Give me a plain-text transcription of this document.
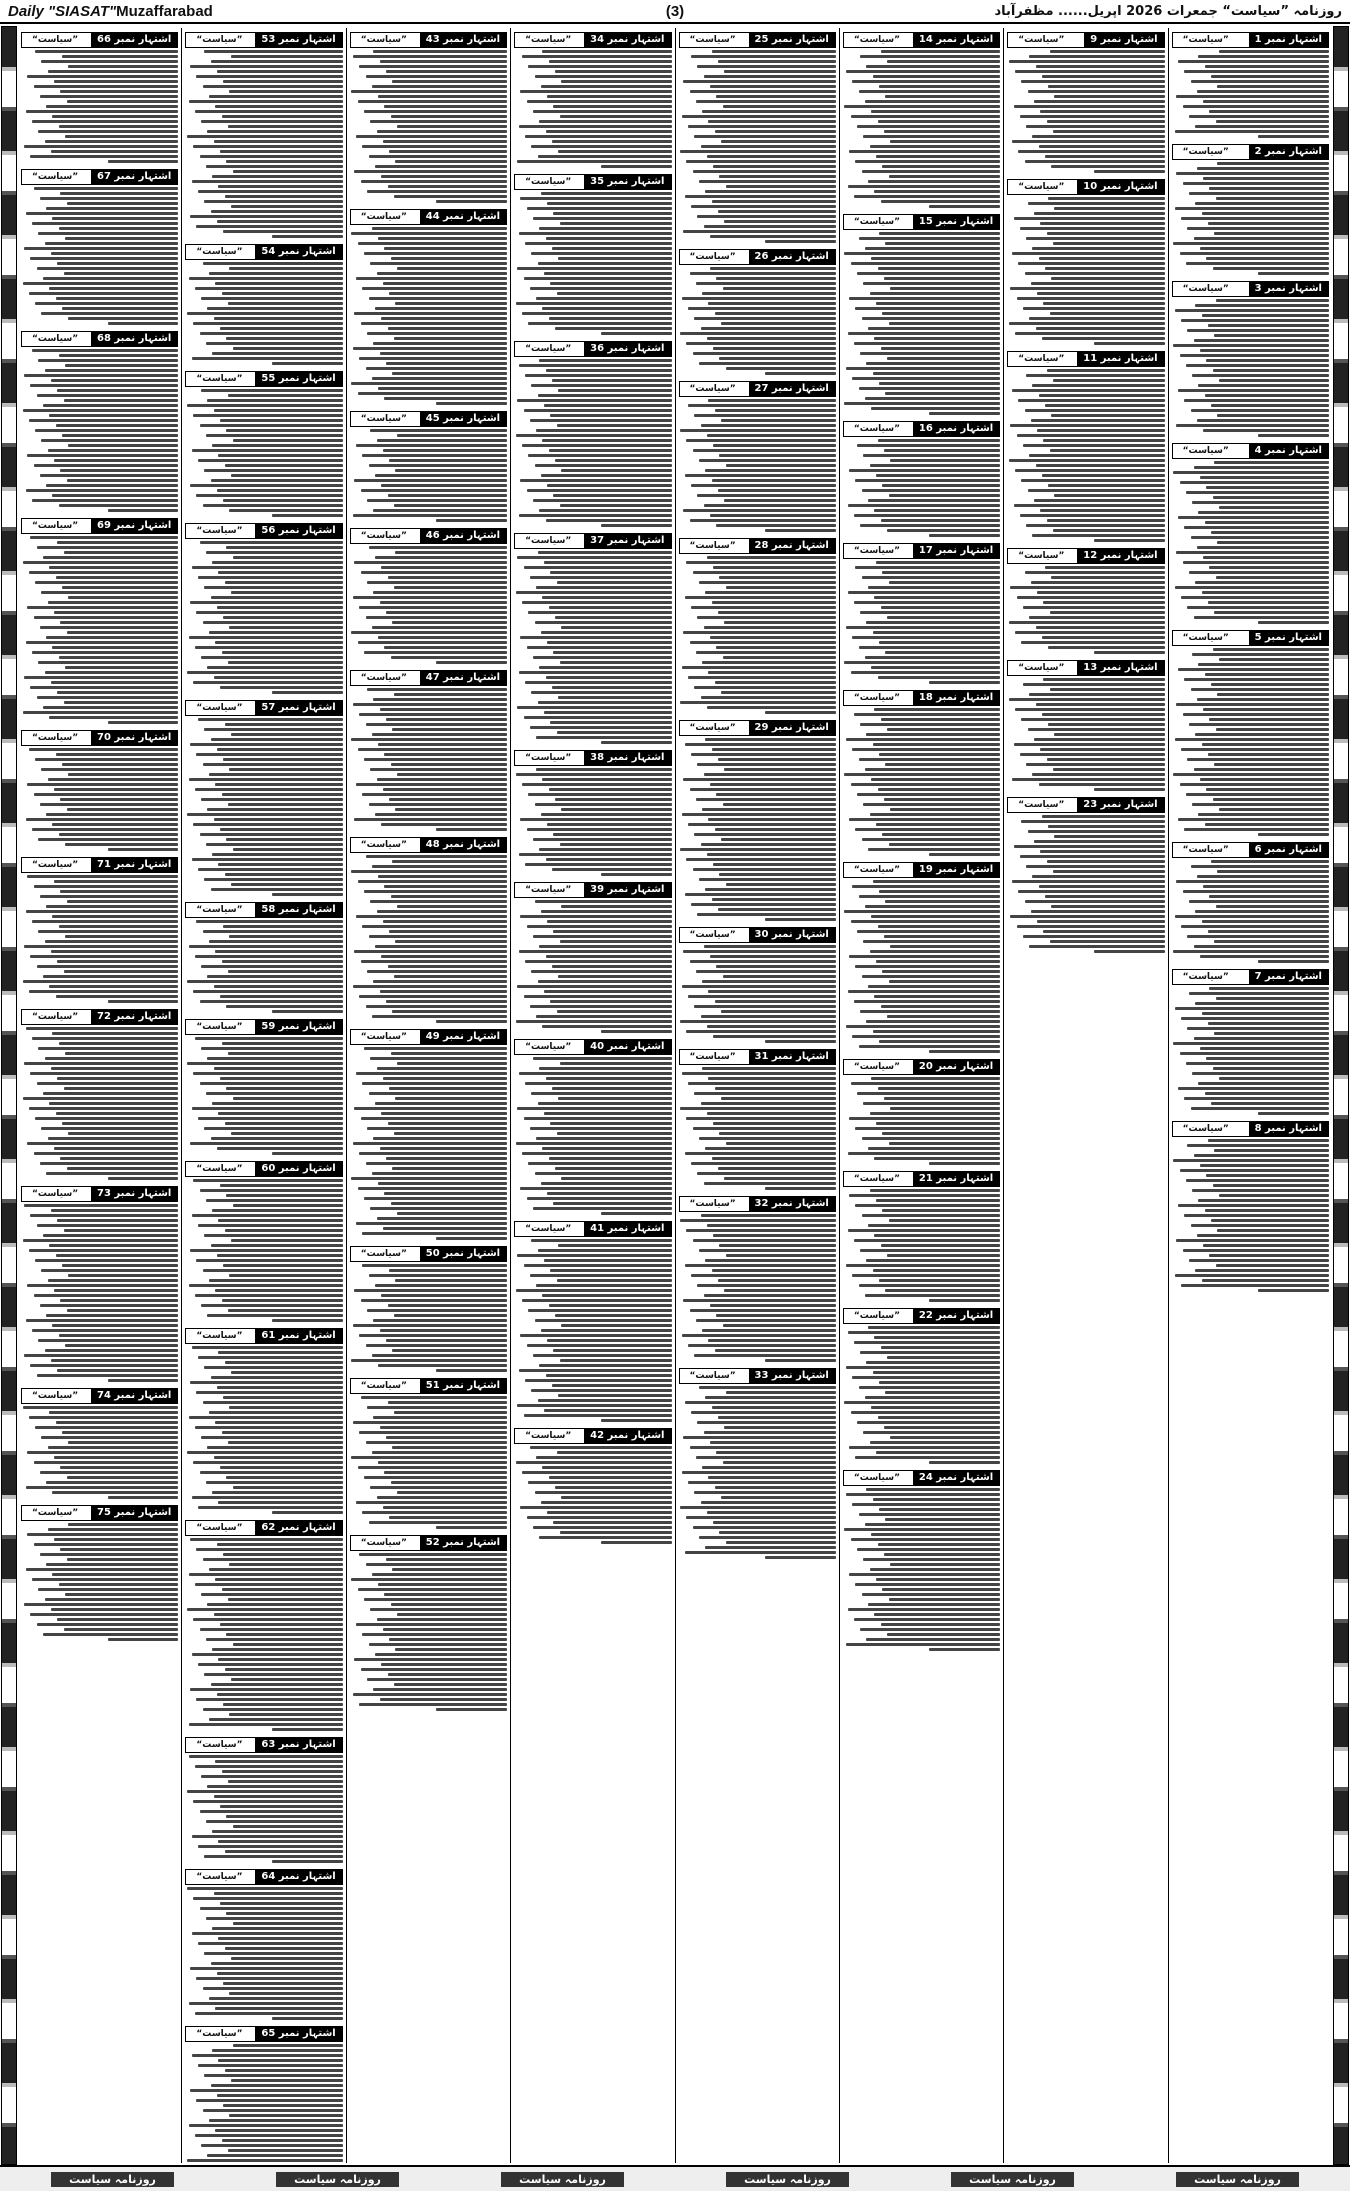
Daily "SIASAT"Muzaffarabad	(3)	روزنامہ ”سیاست“ جمعرات 2026 اپریل...... مظفرآباد
اشتہار نمبر 1
”سیاست“
اشتہار نمبر 2
”سیاست“
اشتہار نمبر 3
”سیاست“
اشتہار نمبر 4
”سیاست“
اشتہار نمبر 5
”سیاست“
اشتہار نمبر 6
”سیاست“
اشتہار نمبر 7
”سیاست“
اشتہار نمبر 8
”سیاست“
اشتہار نمبر 9
”سیاست“
اشتہار نمبر 10
”سیاست“
اشتہار نمبر 11
”سیاست“
اشتہار نمبر 12
”سیاست“
اشتہار نمبر 13
”سیاست“
اشتہار نمبر 23
”سیاست“
اشتہار نمبر 14
”سیاست“
اشتہار نمبر 15
”سیاست“
اشتہار نمبر 16
”سیاست“
اشتہار نمبر 17
”سیاست“
اشتہار نمبر 18
”سیاست“
اشتہار نمبر 19
”سیاست“
اشتہار نمبر 20
”سیاست“
اشتہار نمبر 21
”سیاست“
اشتہار نمبر 22
”سیاست“
اشتہار نمبر 24
”سیاست“
اشتہار نمبر 25
”سیاست“
اشتہار نمبر 26
”سیاست“
اشتہار نمبر 27
”سیاست“
اشتہار نمبر 28
”سیاست“
اشتہار نمبر 29
”سیاست“
اشتہار نمبر 30
”سیاست“
اشتہار نمبر 31
”سیاست“
اشتہار نمبر 32
”سیاست“
اشتہار نمبر 33
”سیاست“
اشتہار نمبر 34
”سیاست“
اشتہار نمبر 35
”سیاست“
اشتہار نمبر 36
”سیاست“
اشتہار نمبر 37
”سیاست“
اشتہار نمبر 38
”سیاست“
اشتہار نمبر 39
”سیاست“
اشتہار نمبر 40
”سیاست“
اشتہار نمبر 41
”سیاست“
اشتہار نمبر 42
”سیاست“
اشتہار نمبر 43
”سیاست“
اشتہار نمبر 44
”سیاست“
اشتہار نمبر 45
”سیاست“
اشتہار نمبر 46
”سیاست“
اشتہار نمبر 47
”سیاست“
اشتہار نمبر 48
”سیاست“
اشتہار نمبر 49
”سیاست“
اشتہار نمبر 50
”سیاست“
اشتہار نمبر 51
”سیاست“
اشتہار نمبر 52
”سیاست“
اشتہار نمبر 53
”سیاست“
اشتہار نمبر 54
”سیاست“
اشتہار نمبر 55
”سیاست“
اشتہار نمبر 56
”سیاست“
اشتہار نمبر 57
”سیاست“
اشتہار نمبر 58
”سیاست“
اشتہار نمبر 59
”سیاست“
اشتہار نمبر 60
”سیاست“
اشتہار نمبر 61
”سیاست“
اشتہار نمبر 62
”سیاست“
اشتہار نمبر 63
”سیاست“
اشتہار نمبر 64
”سیاست“
اشتہار نمبر 65
”سیاست“
اشتہار نمبر 66
”سیاست“
اشتہار نمبر 67
”سیاست“
اشتہار نمبر 68
”سیاست“
اشتہار نمبر 69
”سیاست“
اشتہار نمبر 70
”سیاست“
اشتہار نمبر 71
”سیاست“
اشتہار نمبر 72
”سیاست“
اشتہار نمبر 73
”سیاست“
اشتہار نمبر 74
”سیاست“
اشتہار نمبر 75
”سیاست“
روزنامہ سیاست	روزنامہ سیاست	روزنامہ سیاست	روزنامہ سیاست	روزنامہ سیاست	روزنامہ سیاست
